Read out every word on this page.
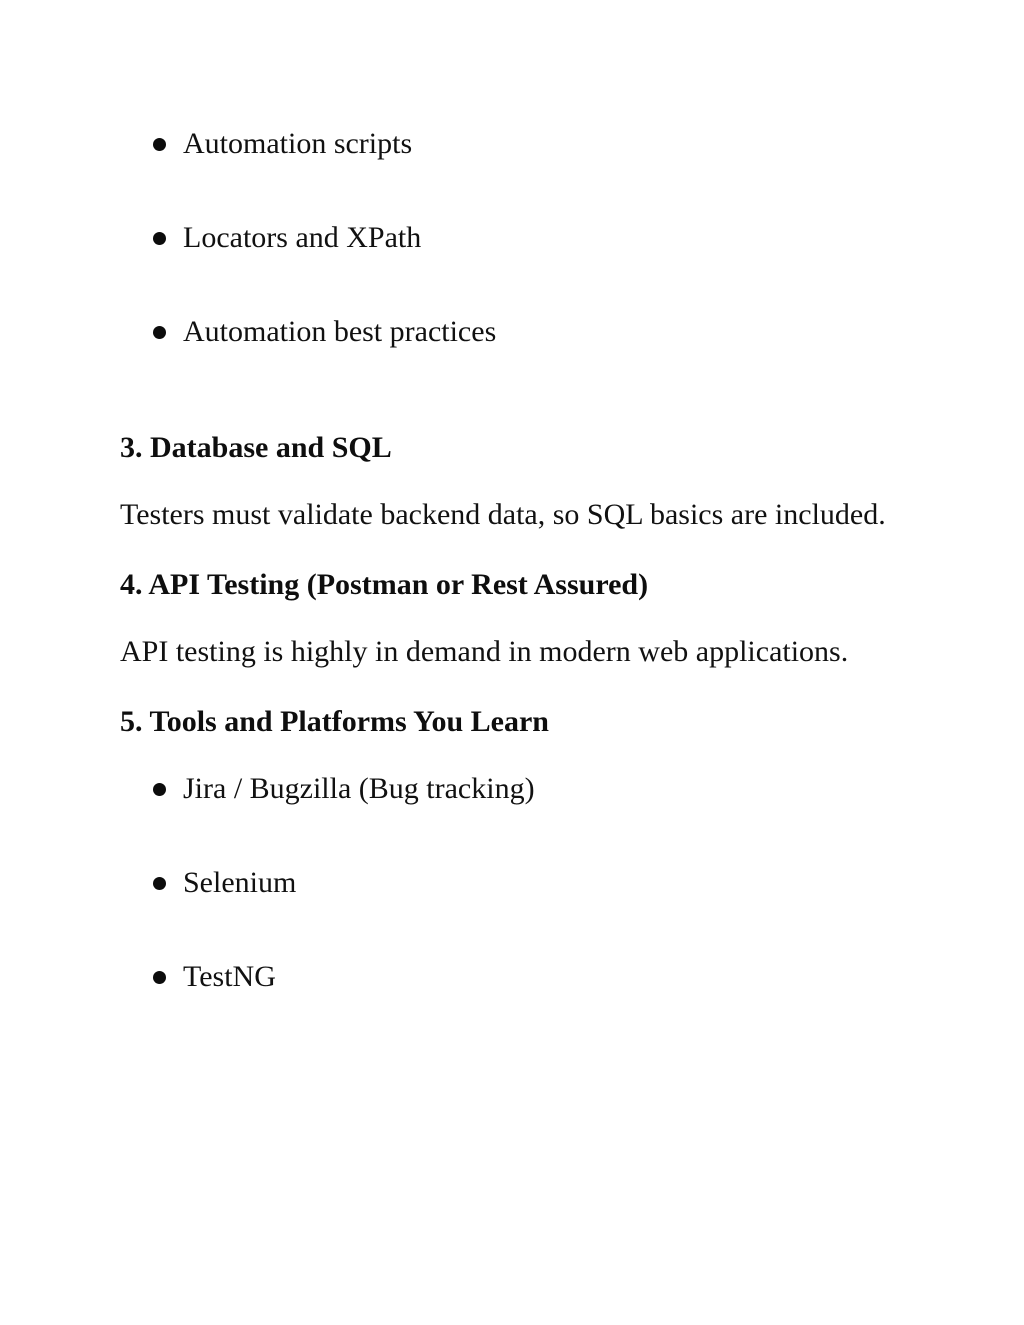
Automation scripts
Locators and XPath
Automation best practices
3. Database and SQL

Testers must validate backend data, so SQL basics are included.

4. API Testing (Postman or Rest Assured)

API testing is highly in demand in modern web applications.

5. Tools and Platforms You Learn
Jira / Bugzilla (Bug tracking)
Selenium
TestNG
